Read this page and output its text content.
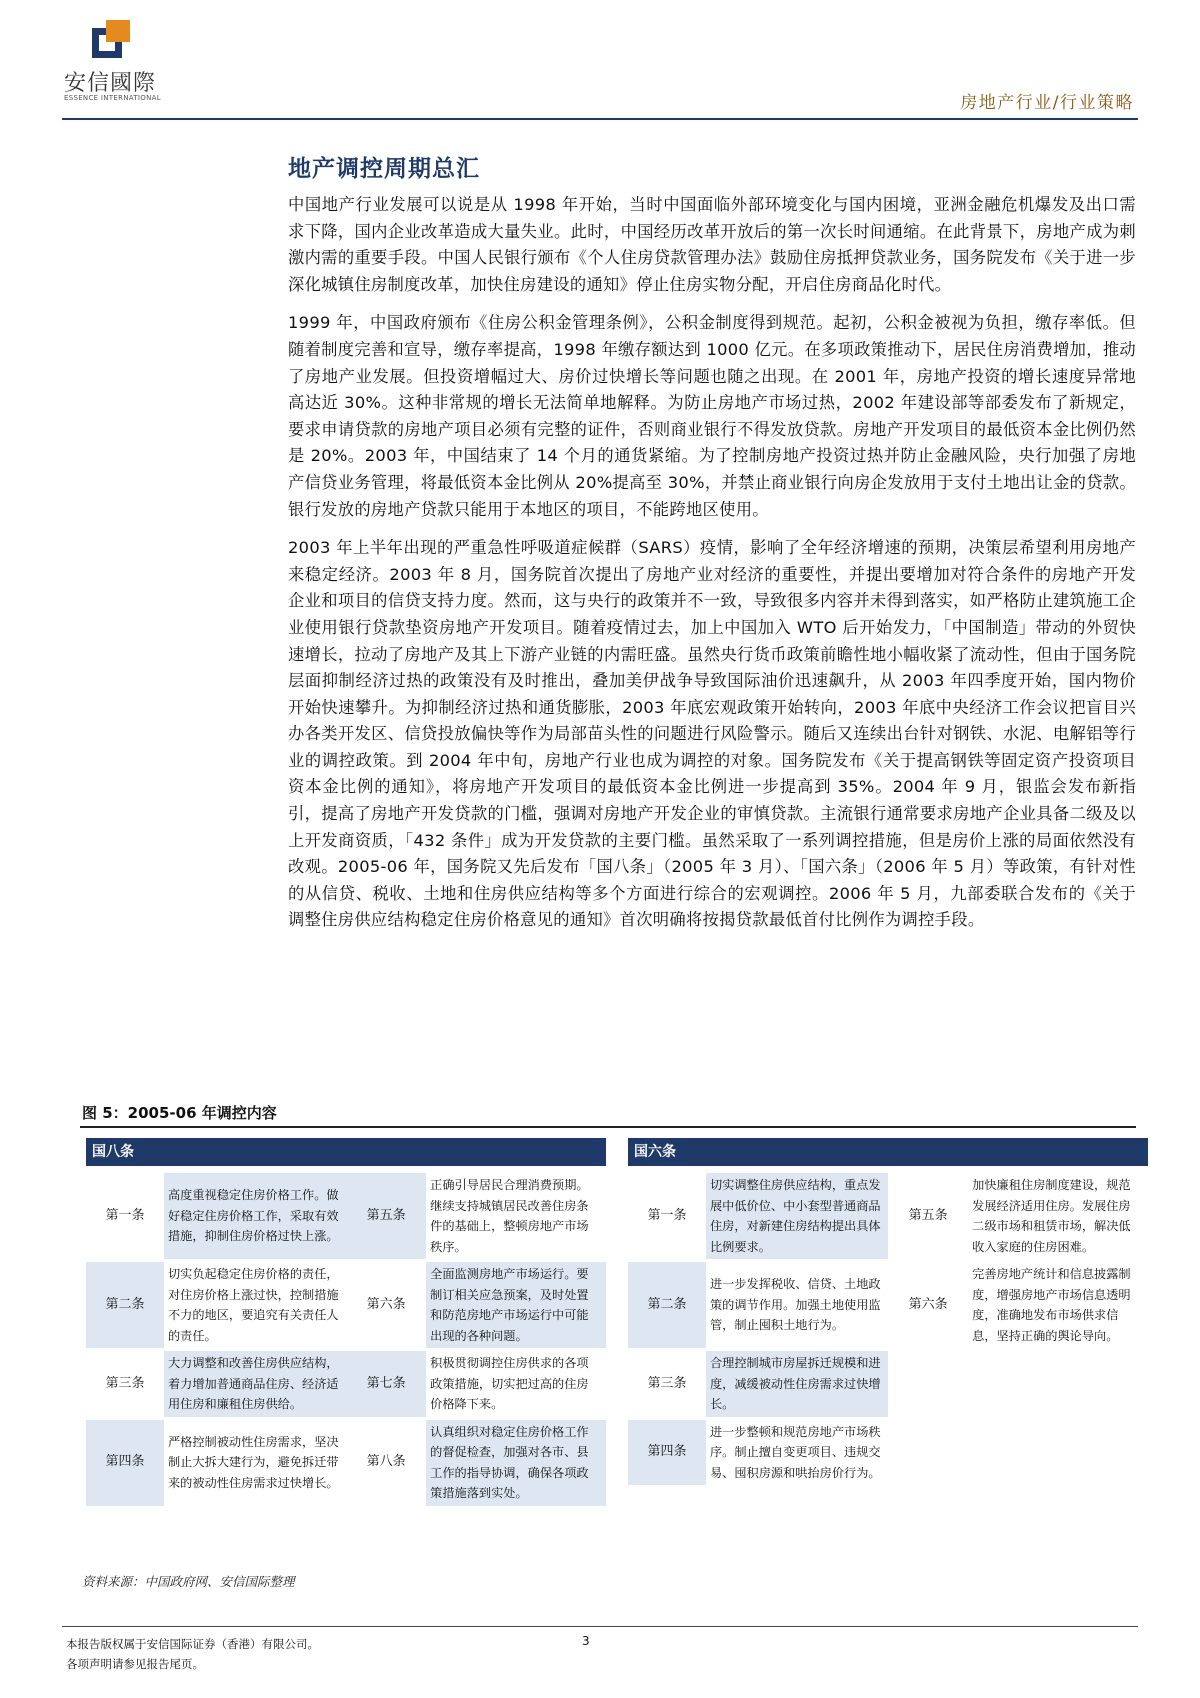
安信國際
ESSENCE INTERNATIONAL	房地产行业/行业策略
地产调控周期总汇

中国地产行业发展可以说是从 1998 年开始，当时中国面临外部环境变化与国内困境，亚洲金融危机爆发及出口需求下降，国内企业改革造成大量失业。此时，中国经历改革开放后的第一次长时间通缩。在此背景下，房地产成为刺激内需的重要手段。中国人民银行颁布《个人住房贷款管理办法》鼓励住房抵押贷款业务，国务院发布《关于进一步深化城镇住房制度改革，加快住房建设的通知》停止住房实物分配，开启住房商品化时代。

1999 年，中国政府颁布《住房公积金管理条例》，公积金制度得到规范。起初，公积金被视为负担，缴存率低。但随着制度完善和宣导，缴存率提高，1998 年缴存额达到 1000 亿元。在多项政策推动下，居民住房消费增加，推动了房地产业发展。但投资增幅过大、房价过快增长等问题也随之出现。在 2001 年，房地产投资的增长速度异常地高达近 30%。这种非常规的增长无法简单地解释。为防止房地产市场过热，2002 年建设部等部委发布了新规定，要求申请贷款的房地产项目必须有完整的证件，否则商业银行不得发放贷款。房地产开发项目的最低资本金比例仍然是 20%。2003 年，中国结束了 14 个月的通货紧缩。为了控制房地产投资过热并防止金融风险，央行加强了房地产信贷业务管理，将最低资本金比例从 20%提高至 30%，并禁止商业银行向房企发放用于支付土地出让金的贷款。银行发放的房地产贷款只能用于本地区的项目，不能跨地区使用。

2003 年上半年出现的严重急性呼吸道症候群（SARS）疫情，影响了全年经济增速的预期，决策层希望利用房地产来稳定经济。2003 年 8 月，国务院首次提出了房地产业对经济的重要性，并提出要增加对符合条件的房地产开发企业和项目的信贷支持力度。然而，这与央行的政策并不一致，导致很多内容并未得到落实，如严格防止建筑施工企业使用银行贷款垫资房地产开发项目。随着疫情过去，加上中国加入 WTO 后开始发力，「中国制造」带动的外贸快速增长，拉动了房地产及其上下游产业链的内需旺盛。虽然央行货币政策前瞻性地小幅收紧了流动性，但由于国务院层面抑制经济过热的政策没有及时推出，叠加美伊战争导致国际油价迅速飙升，从 2003 年四季度开始，国内物价开始快速攀升。为抑制经济过热和通货膨胀，2003 年底宏观政策开始转向，2003 年底中央经济工作会议把盲目兴办各类开发区、信贷投放偏快等作为局部苗头性的问题进行风险警示。随后又连续出台针对钢铁、水泥、电解铝等行业的调控政策。到 2004 年中旬，房地产行业也成为调控的对象。国务院发布《关于提高钢铁等固定资产投资项目资本金比例的通知》，将房地产开发项目的最低资本金比例进一步提高到 35%。2004 年 9 月，银监会发布新指引，提高了房地产开发贷款的门槛，强调对房地产开发企业的审慎贷款。主流银行通常要求房地产企业具备二级及以上开发商资质，「432 条件」成为开发贷款的主要门槛。虽然采取了一系列调控措施，但是房价上涨的局面依然没有改观。2005-06 年，国务院又先后发布「国八条」（2005 年 3 月）、「国六条」（2006 年 5 月）等政策，有针对性的从信贷、税收、土地和住房供应结构等多个方面进行综合的宏观调控。2006 年 5 月，九部委联合发布的《关于调整住房供应结构稳定住房价格意见的通知》首次明确将按揭贷款最低首付比例作为调控手段。

图 5：2005-06 年调控内容
国八条
第一条	高度重视稳定住房价格工作。做好稳定住房价格工作，采取有效措施，抑制住房价格过快上涨。	第五条	正确引导居民合理消费预期。继续支持城镇居民改善住房条件的基础上，整顿房地产市场秩序。
第二条	切实负起稳定住房价格的责任，对住房价格上涨过快，控制措施不力的地区，要追究有关责任人的责任。	第六条	全面监测房地产市场运行。要制订相关应急预案，及时处置和防范房地产市场运行中可能出现的各种问题。
第三条	大力调整和改善住房供应结构，着力增加普通商品住房、经济适用住房和廉租住房供给。	第七条	积极贯彻调控住房供求的各项政策措施，切实把过高的住房价格降下来。
第四条	严格控制被动性住房需求，坚决制止大拆大建行为，避免拆迁带来的被动性住房需求过快增长。	第八条	认真组织对稳定住房价格工作的督促检查，加强对各市、县工作的指导协调，确保各项政策措施落到实处。
国六条
第一条	切实调整住房供应结构，重点发展中低价位、中小套型普通商品住房，对新建住房结构提出具体比例要求。	第五条	加快廉租住房制度建设，规范发展经济适用住房。发展住房二级市场和租赁市场，解决低收入家庭的住房困难。
第二条	进一步发挥税收、信贷、土地政策的调节作用。加强土地使用监管，制止囤积土地行为。	第六条	完善房地产统计和信息披露制度，增强房地产市场信息透明度，准确地发布市场供求信息，坚持正确的舆论导向。
第三条	合理控制城市房屋拆迁规模和进度，减缓被动性住房需求过快增长。		
第四条	进一步整顿和规范房地产市场秩序。制止擅自变更项目、违规交易、囤积房源和哄抬房价行为。		
资料来源：中国政府网、安信国际整理
本报告版权属于安信国际证券（香港）有限公司。
各项声明请参见报告尾页。
3
